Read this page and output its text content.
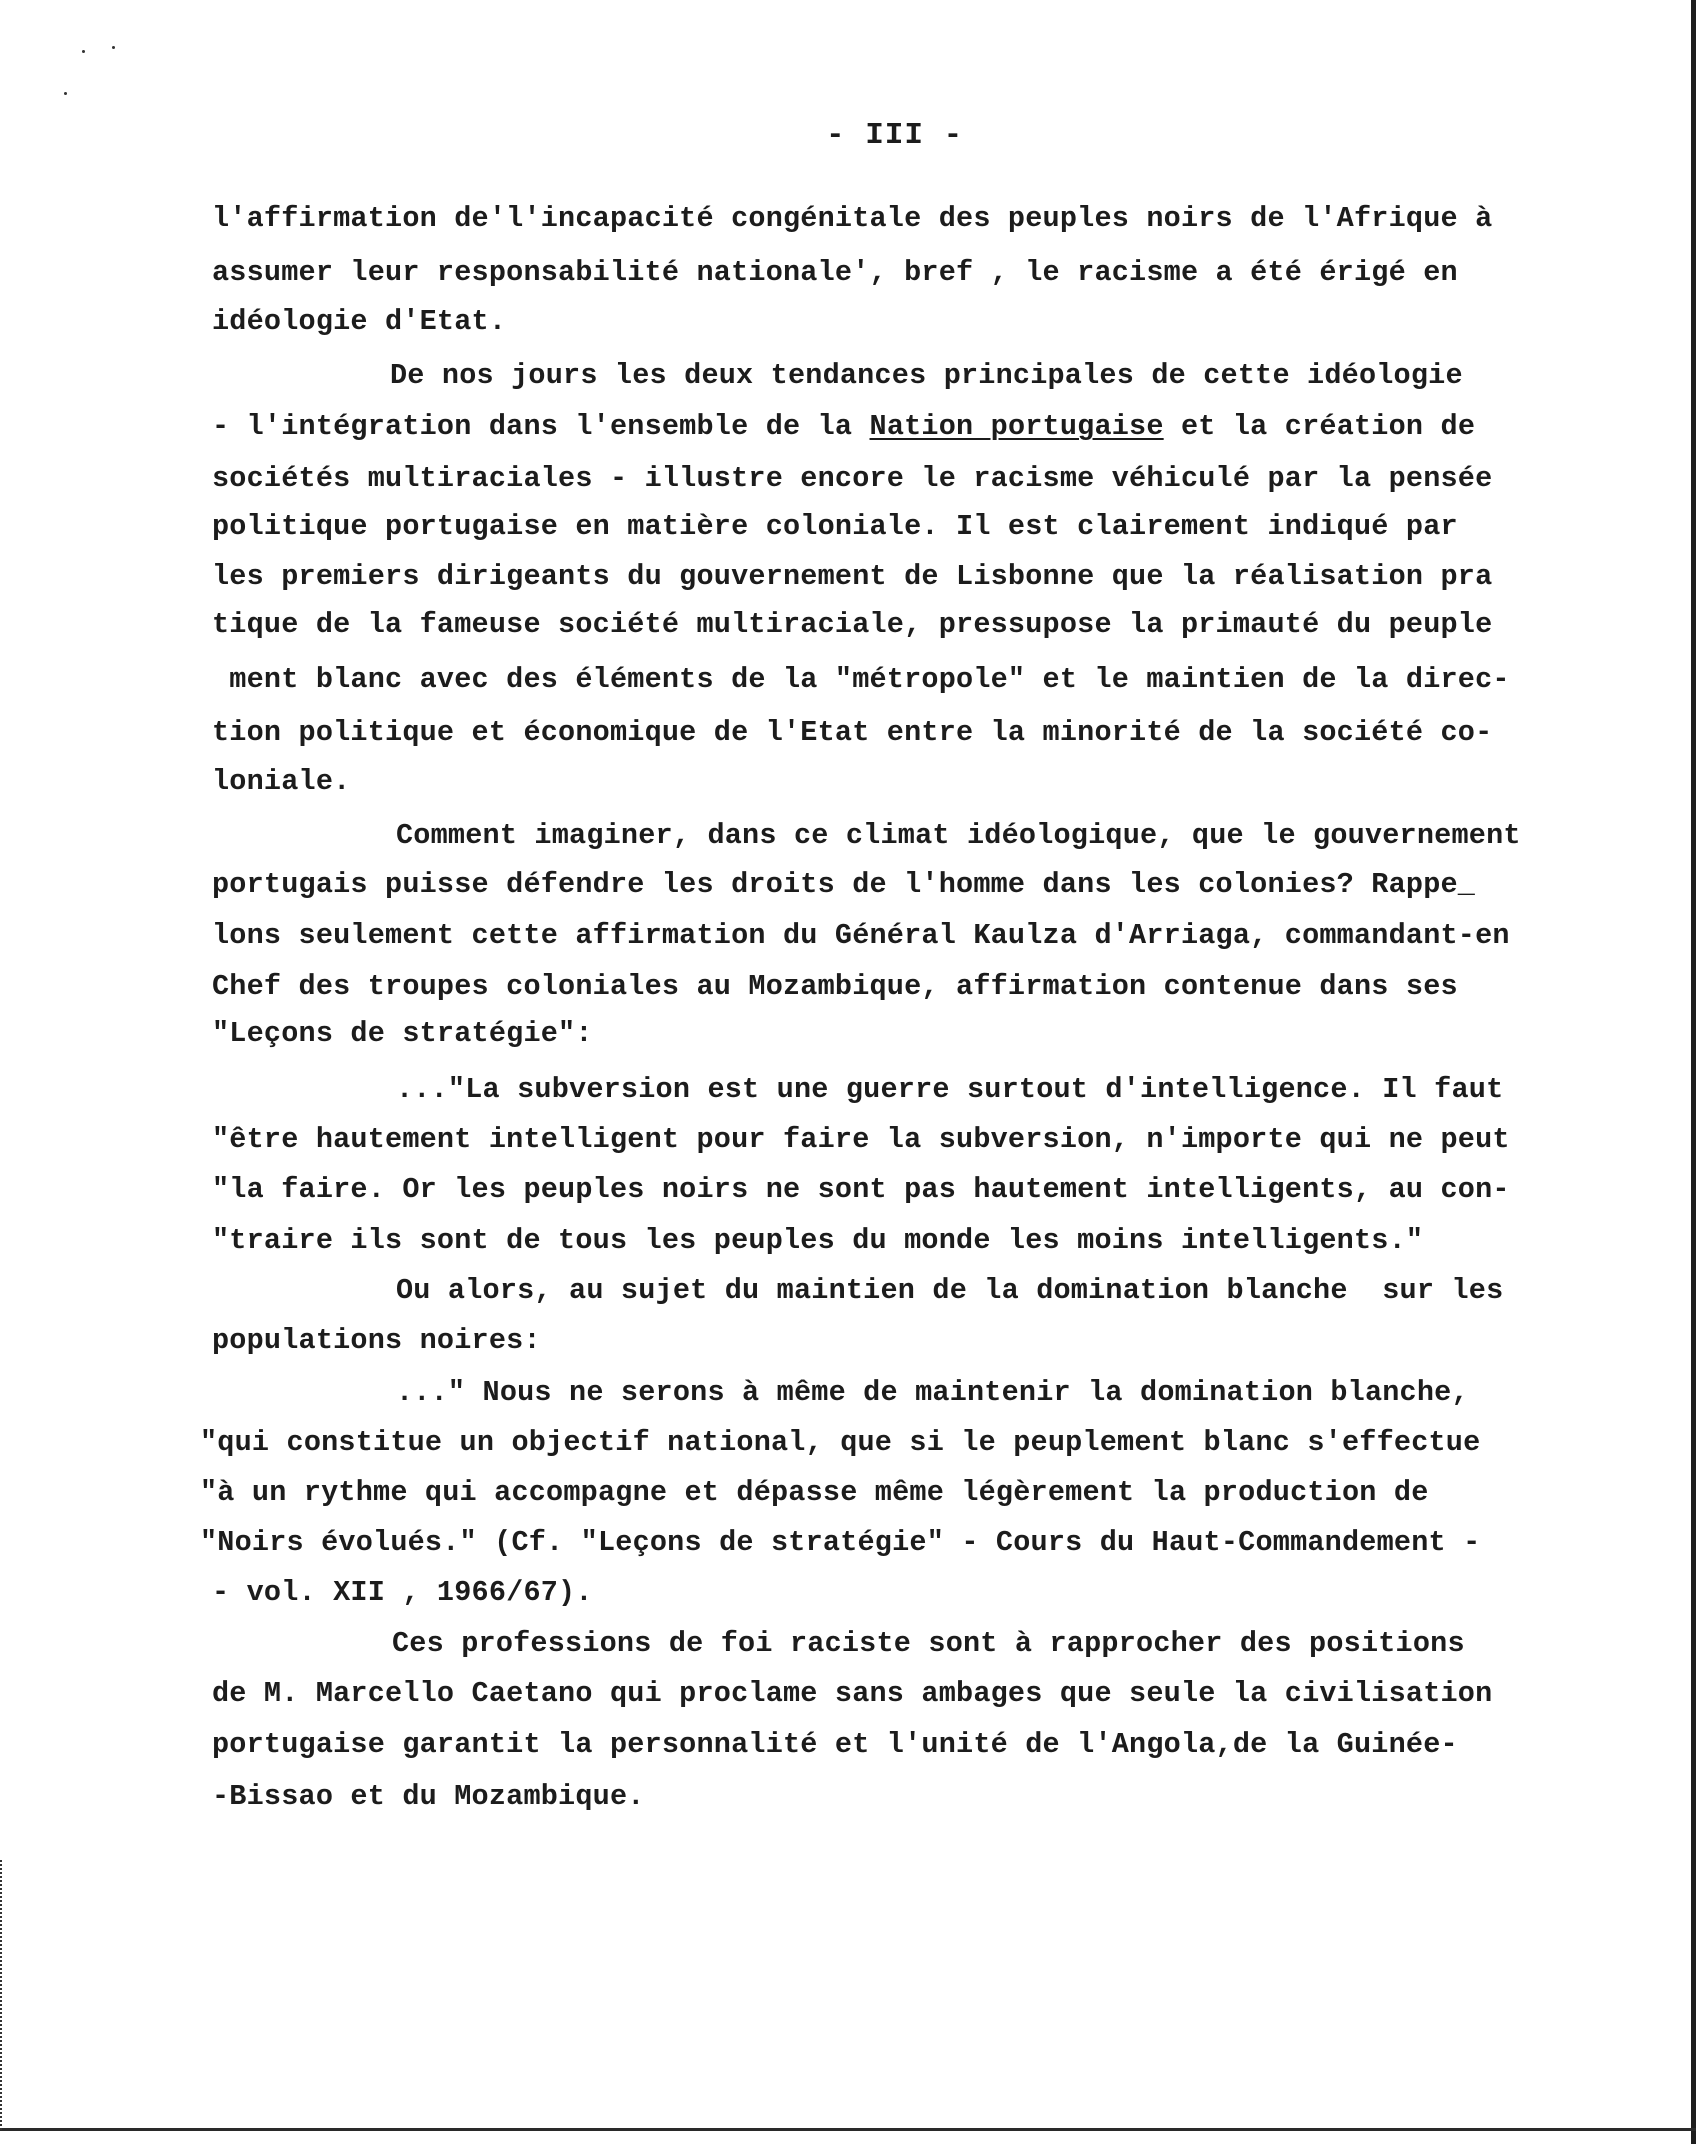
- III -
l'affirmation de'l'incapacité congénitale des peuples noirs de l'Afrique à
assumer leur responsabilité nationale', bref , le racisme a été érigé en
idéologie d'Etat.
De nos jours les deux tendances principales de cette idéologie
- l'intégration dans l'ensemble de la Nation portugaise et la création de
sociétés multiraciales - illustre encore le racisme véhiculé par la pensée
politique portugaise en matière coloniale. Il est clairement indiqué par
les premiers dirigeants du gouvernement de Lisbonne que la réalisation pra
tique de la fameuse société multiraciale, pressupose la primauté du peuple
ment blanc avec des éléments de la "métropole" et le maintien de la direc-
tion politique et économique de l'Etat entre la minorité de la société co-
loniale.
Comment imaginer, dans ce climat idéologique, que le gouvernement
portugais puisse défendre les droits de l'homme dans les colonies? Rappe_
lons seulement cette affirmation du Général Kaulza d'Arriaga, commandant-en
Chef des troupes coloniales au Mozambique, affirmation contenue dans ses
"Leçons de stratégie":
..."La subversion est une guerre surtout d'intelligence. Il faut
"être hautement intelligent pour faire la subversion, n'importe qui ne peut
"la faire. Or les peuples noirs ne sont pas hautement intelligents, au con-
"traire ils sont de tous les peuples du monde les moins intelligents."
Ou alors, au sujet du maintien de la domination blanche  sur les
populations noires:
..." Nous ne serons à même de maintenir la domination blanche,
"qui constitue un objectif national, que si le peuplement blanc s'effectue
"à un rythme qui accompagne et dépasse même légèrement la production de
"Noirs évolués." (Cf. "Leçons de stratégie" - Cours du Haut-Commandement -
- vol. XII , 1966/67).
Ces professions de foi raciste sont à rapprocher des positions
de M. Marcello Caetano qui proclame sans ambages que seule la civilisation
portugaise garantit la personnalité et l'unité de l'Angola,de la Guinée-
-Bissao et du Mozambique.
